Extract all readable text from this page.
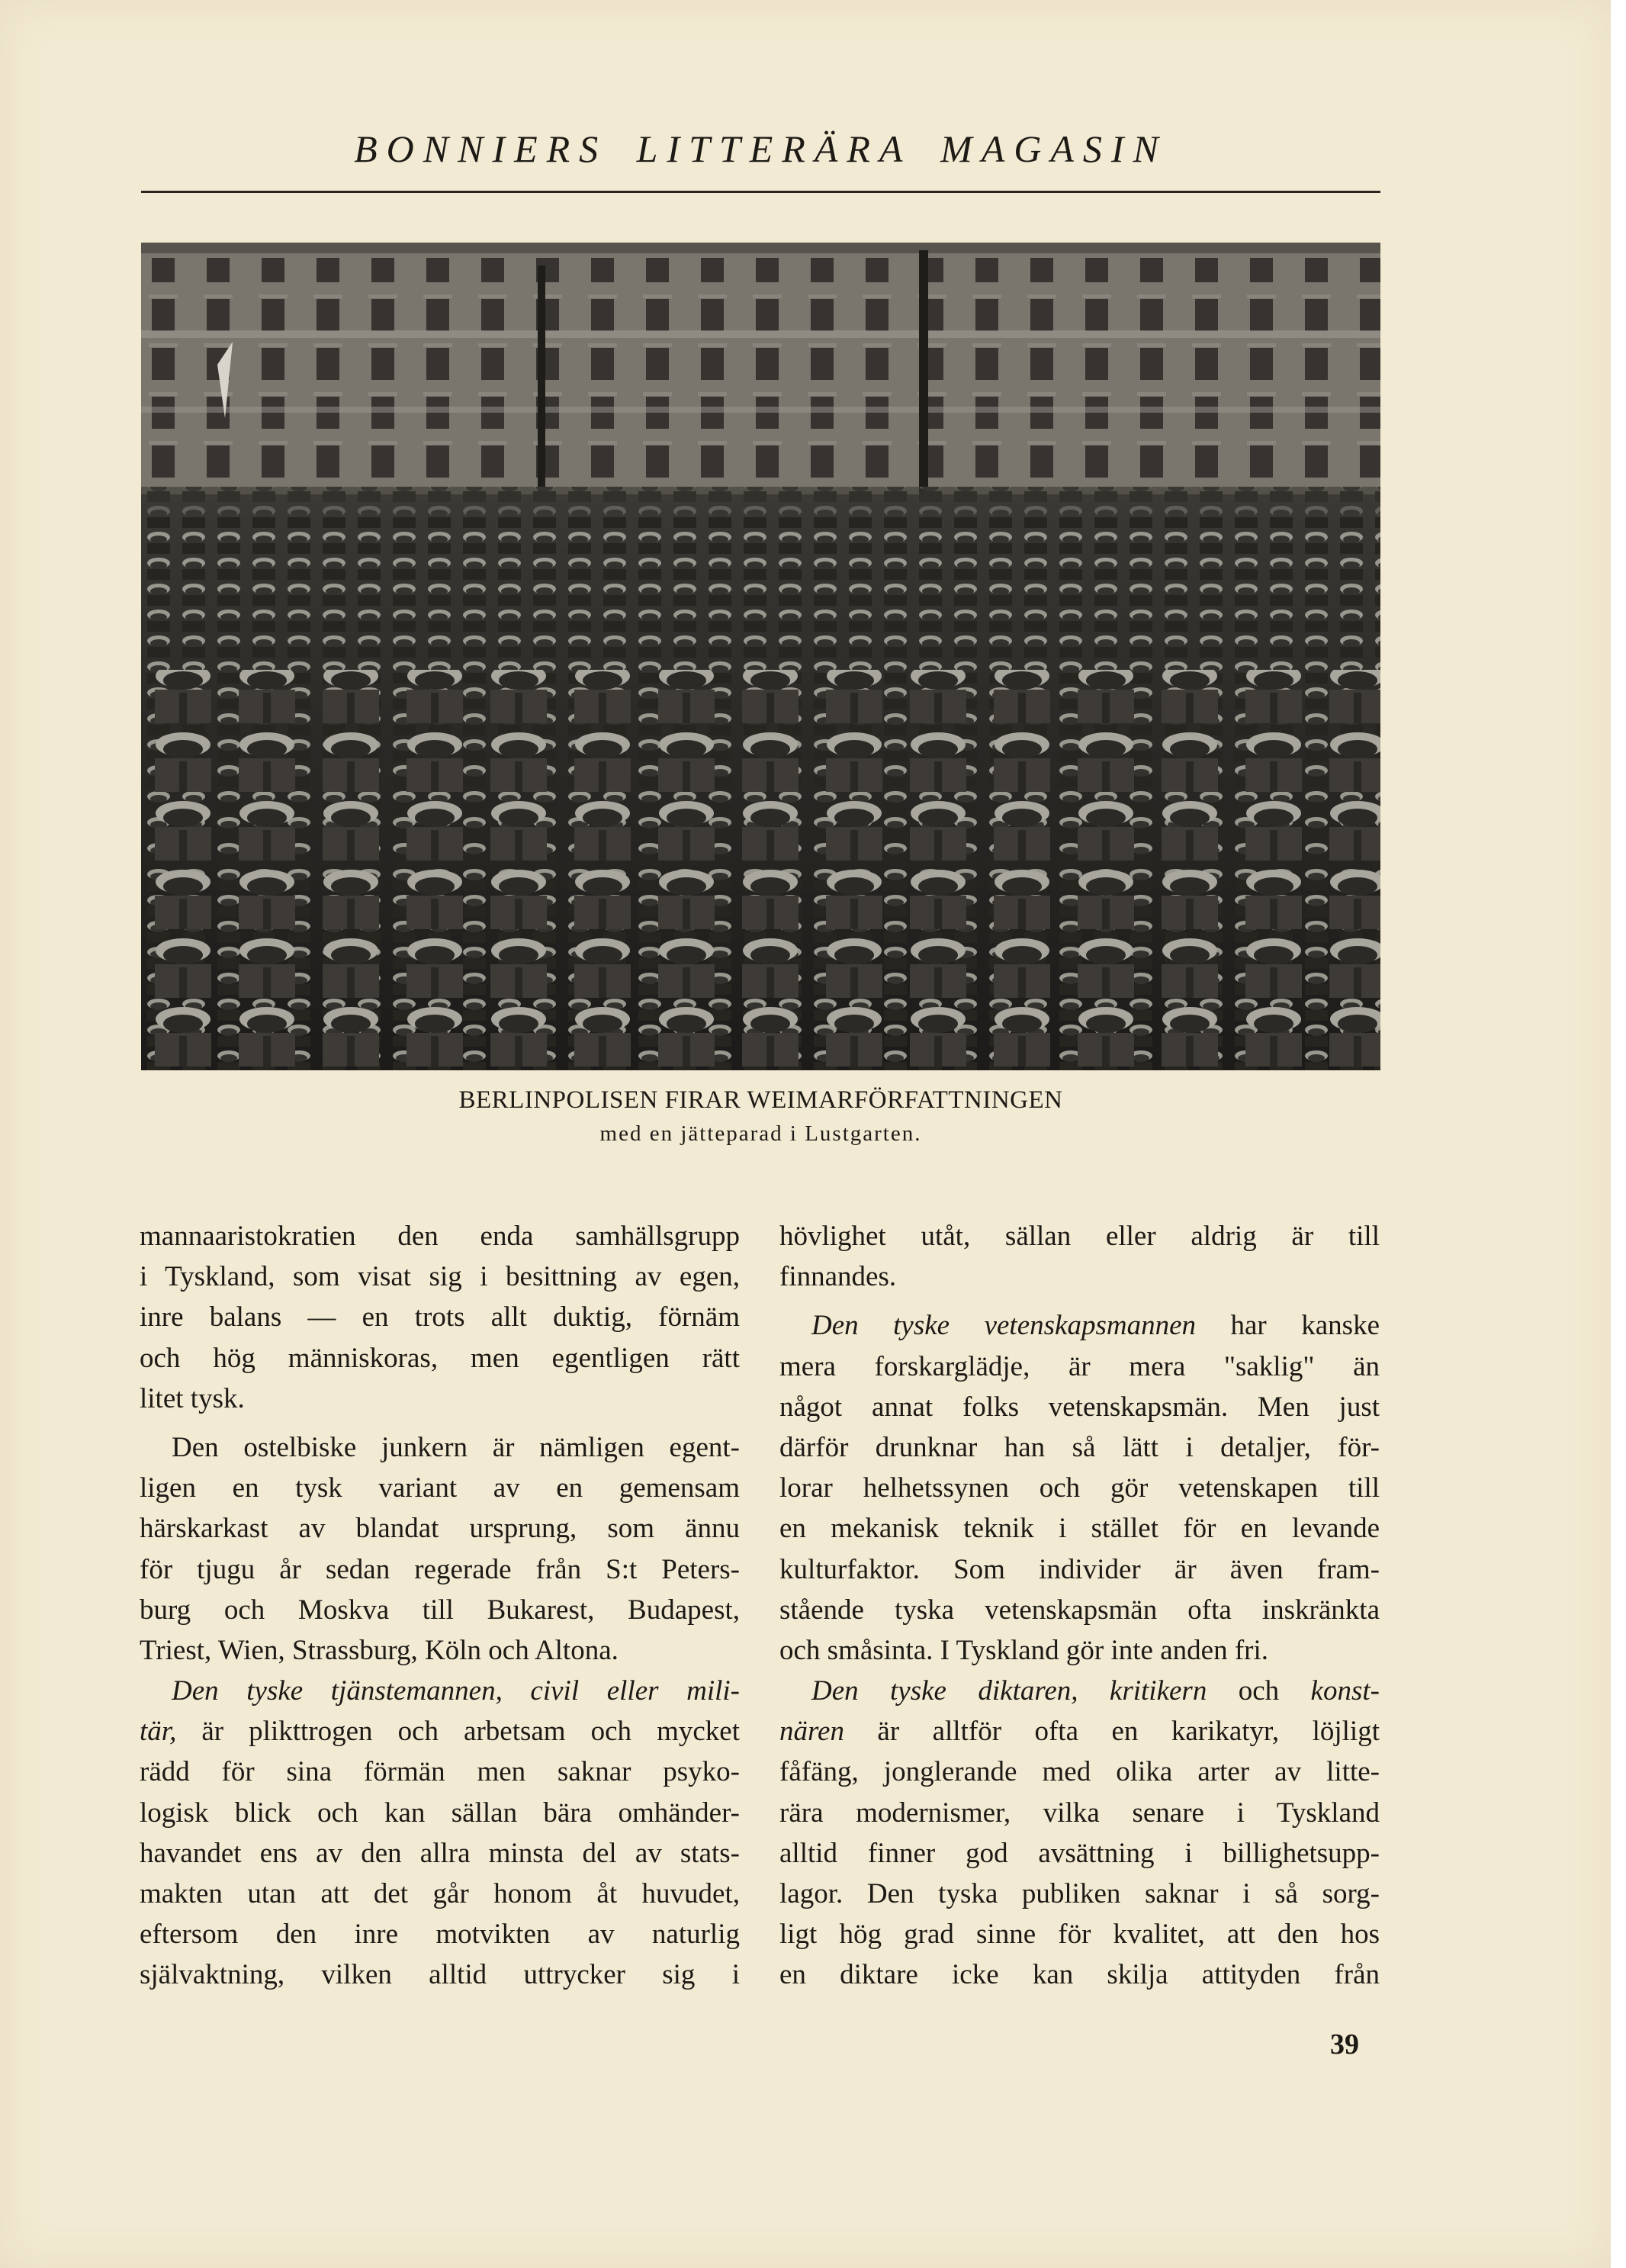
BONNIERS LITTERÄRA MAGASIN
BERLINPOLISEN FIRAR WEIMARFÖRFATTNINGEN
med en jätteparad i Lustgarten.
mannaaristokratien den enda samhällsgrupp
i Tyskland, som visat sig i besittning av egen,
inre balans — en trots allt duktig, förnäm
och hög människoras, men egentligen rätt
litet tysk.
Den ostelbiske junkern är nämligen egent-
ligen en tysk variant av en gemensam
härskarkast av blandat ursprung, som ännu
för tjugu år sedan regerade från S:t Peters-
burg och Moskva till Bukarest, Budapest,
Triest, Wien, Strassburg, Köln och Altona.
Den tyske tjänstemannen, civil eller mili-
tär, är plikttrogen och arbetsam och mycket
rädd för sina förmän men saknar psyko-
logisk blick och kan sällan bära omhänder-
havandet ens av den allra minsta del av stats-
makten utan att det går honom åt huvudet,
eftersom den inre motvikten av naturlig
självaktning, vilken alltid uttrycker sig i
hövlighet utåt, sällan eller aldrig är till
finnandes.
Den tyske vetenskapsmannen har kanske
mera forskarglädje, är mera "saklig" än
något annat folks vetenskapsmän. Men just
därför drunknar han så lätt i detaljer, för-
lorar helhetssynen och gör vetenskapen till
en mekanisk teknik i stället för en levande
kulturfaktor. Som individer är även fram-
stående tyska vetenskapsmän ofta inskränkta
och småsinta. I Tyskland gör inte anden fri.
Den tyske diktaren, kritikern och konst-
nären är alltför ofta en karikatyr, löjligt
fåfäng, jonglerande med olika arter av litte-
rära modernismer, vilka senare i Tyskland
alltid finner god avsättning i billighetsupp-
lagor. Den tyska publiken saknar i så sorg-
ligt hög grad sinne för kvalitet, att den hos
en diktare icke kan skilja attityden från
39
